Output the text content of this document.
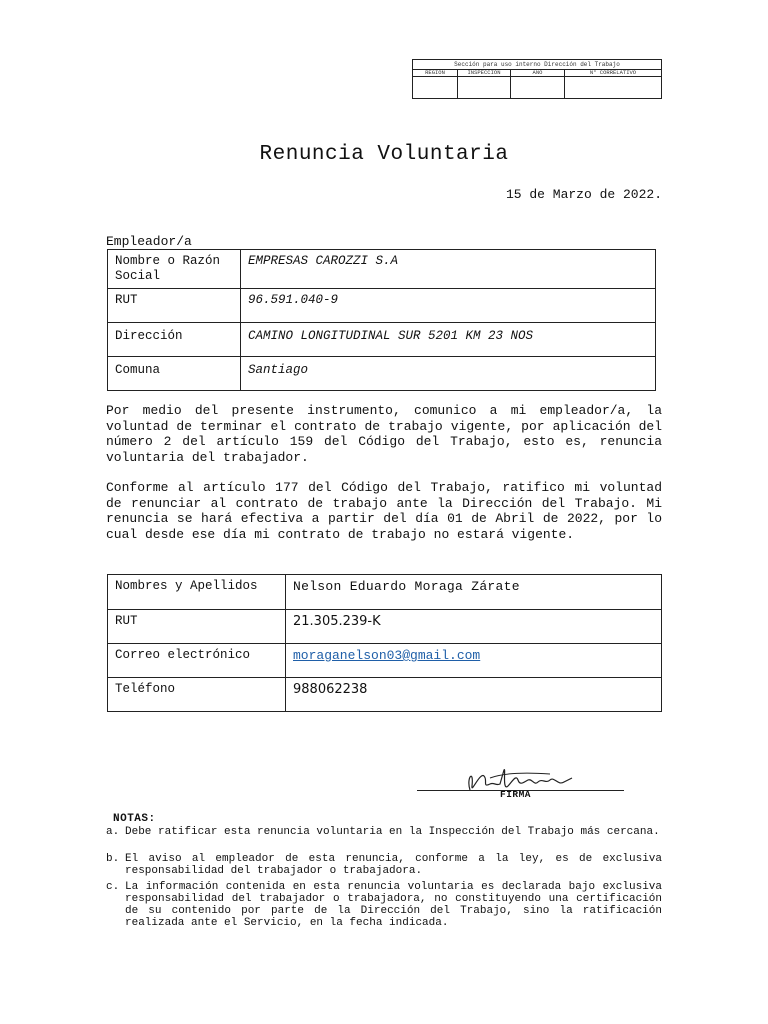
Sección para uso interno Dirección del Trabajo
REGION	INSPECCION	AÑO	N° CORRELATIVO
Renuncia Voluntaria
15 de Marzo de 2022.
Empleador/a
Nombre o Razón Social	EMPRESAS CAROZZI S.A
RUT	96.591.040-9
Dirección	CAMINO LONGITUDINAL SUR 5201 KM 23 NOS
Comuna	Santiago

Por medio del presente instrumento, comunico a mi empleador/a, la voluntad de terminar el contrato de trabajo vigente, por aplicación del número 2 del artículo 159 del Código del Trabajo, esto es, renuncia voluntaria del trabajador.

Conforme al artículo 177 del Código del Trabajo, ratifico mi voluntad de renunciar al contrato de trabajo ante la Dirección del Trabajo. Mi renuncia se hará efectiva a partir del día 01 de Abril de 2022, por lo cual desde ese día mi contrato de trabajo no estará vigente.

Nombres y Apellidos	Nelson Eduardo Moraga Zárate
RUT	21.305.239-K
Correo electrónico	moraganelson03@gmail.com
Teléfono	988062238
FIRMA
NOTAS:
a. Debe ratificar esta renuncia voluntaria en la Inspección del Trabajo más cercana.
b. El aviso al empleador de esta renuncia, conforme a la ley, es de exclusiva responsabilidad del trabajador o trabajadora.
c. La información contenida en esta renuncia voluntaria es declarada bajo exclusiva responsabilidad del trabajador o trabajadora, no constituyendo una certificación de su contenido por parte de la Dirección del Trabajo, sino la ratificación realizada ante el Servicio, en la fecha indicada.
